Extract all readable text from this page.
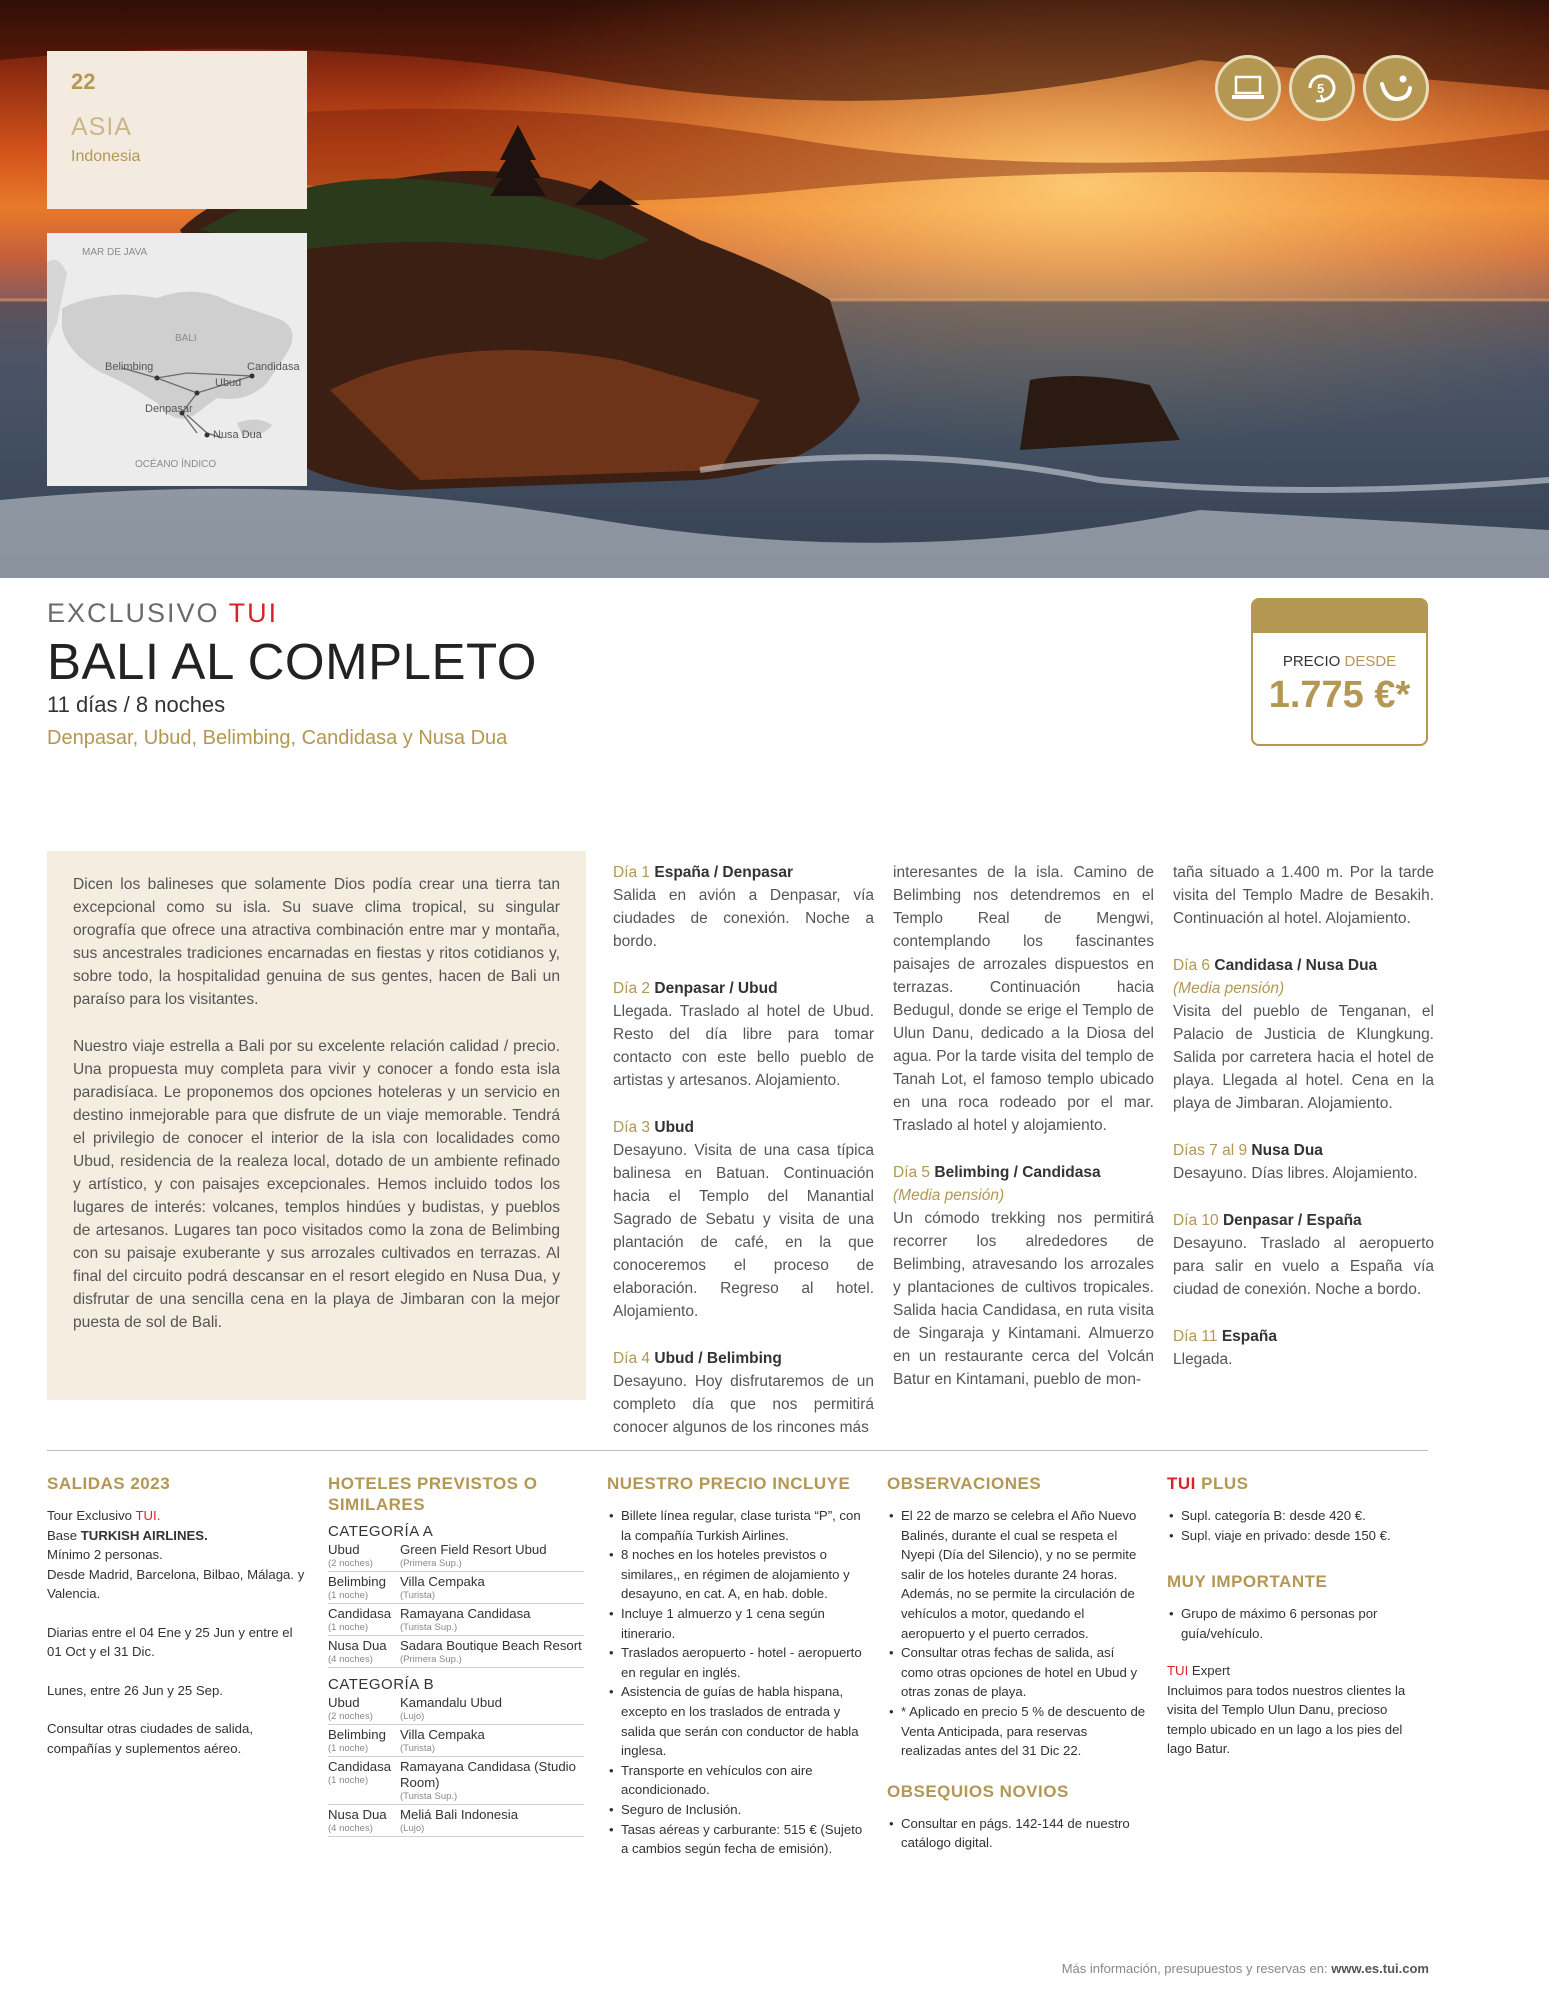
22
ASIA
Indonesia
MAR DE JAVA
BALI
OCÉANO ÍNDICO
Belimbing
Ubud
Candidasa
Denpasar
Nusa Dua
5
EXCLUSIVO TUI
BALI AL COMPLETO
11 días / 8 noches
Denpasar, Ubud, Belimbing, Candidasa y Nusa Dua
PRECIO DESDE
1.775 €*

Dicen los balineses que solamente Dios podía crear una tierra tan excepcional como su isla. Su suave clima tropical, su singular orografía que ofrece una atractiva combinación entre mar y montaña, sus ancestrales tradiciones encarnadas en fiestas y ritos cotidianos y, sobre todo, la hospitalidad genuina de sus gentes, hacen de Bali un paraíso para los visitantes.

Nuestro viaje estrella a Bali por su excelente relación calidad / precio. Una propuesta muy completa para vivir y conocer a fondo esta isla paradisíaca. Le proponemos dos opciones hoteleras y un servicio en destino inmejorable para que disfrute de un viaje memorable. Tendrá el privilegio de conocer el interior de la isla con localidades como Ubud, residencia de la realeza local, dotado de un ambiente refinado y artístico, y con paisajes excepcionales. Hemos incluido todos los lugares de interés: volcanes, templos hindúes y budistas, y pueblos de artesanos. Lugares tan poco visitados como la zona de Belimbing con su paisaje exuberante y sus arrozales cultivados en terrazas. Al final del circuito podrá descansar en el resort elegido en Nusa Dua, y disfrutar de una sencilla cena en la playa de Jimbaran con la mejor puesta de sol de Bali.

Día 1 España / Denpasar
Salida en avión a Denpasar, vía ciudades de conexión. Noche a bordo.
Día 2 Denpasar / Ubud
Llegada. Traslado al hotel de Ubud. Resto del día libre para tomar contacto con este bello pueblo de artistas y artesanos. Alojamiento.
Día 3 Ubud
Desayuno. Visita de una casa típica balinesa en Batuan. Continuación hacia el Templo del Manantial Sagrado de Sebatu y visita de una plantación de café, en la que conoceremos el proceso de elaboración. Regreso al hotel. Alojamiento.
Día 4 Ubud / Belimbing
Desayuno. Hoy disfrutaremos de un completo día que nos permitirá conocer algunos de los rincones más
interesantes de la isla. Camino de Belimbing nos detendremos en el Templo Real de Mengwi, contemplando los fascinantes paisajes de arrozales dispuestos en terrazas. Continuación hacia Bedugul, donde se erige el Templo de Ulun Danu, dedicado a la Diosa del agua. Por la tarde visita del templo de Tanah Lot, el famoso templo ubicado en una roca rodeado por el mar. Traslado al hotel y alojamiento.
Día 5 Belimbing / Candidasa
(Media pensión)
Un cómodo trekking nos permitirá recorrer los alrededores de Belimbing, atravesando los arrozales y plantaciones de cultivos tropicales. Salida hacia Candidasa, en ruta visita de Singaraja y Kintamani. Almuerzo en un restaurante cerca del Volcán Batur en Kintamani, pueblo de mon-
taña situado a 1.400 m. Por la tarde visita del Templo Madre de Besakih. Continuación al hotel. Alojamiento.
Día 6 Candidasa / Nusa Dua
(Media pensión)
Visita del pueblo de Tenganan, el Palacio de Justicia de Klungkung. Salida por carretera hacia el hotel de playa. Llegada al hotel. Cena en la playa de Jimbaran. Alojamiento.
Días 7 al 9 Nusa Dua
Desayuno. Días libres. Alojamiento.
Día 10 Denpasar / España
Desayuno. Traslado al aeropuerto para salir en vuelo a España vía ciudad de conexión. Noche a bordo.
Día 11 España
Llegada.
SALIDAS 2023
Tour Exclusivo TUI.
Base TURKISH AIRLINES.
Mínimo 2 personas.
Desde Madrid, Barcelona, Bilbao, Málaga. y Valencia.
Diarias entre el 04 Ene y 25 Jun y entre el 01 Oct y el 31 Dic.
Lunes, entre 26 Jun y 25 Sep.
Consultar otras ciudades de salida, compañías y suplementos aéreo.
HOTELES PREVISTOS O SIMILARES
CATEGORÍA A
Ubud
(2 noches)
Green Field Resort Ubud
(Primera Sup.)
Belimbing
(1 noche)
Villa Cempaka
(Turista)
Candidasa
(1 noche)
Ramayana Candidasa
(Turista Sup.)
Nusa Dua
(4 noches)
Sadara Boutique Beach Resort
(Primera Sup.)
CATEGORÍA B
Ubud
(2 noches)
Kamandalu Ubud
(Lujo)
Belimbing
(1 noche)
Villa Cempaka
(Turista)
Candidasa
(1 noche)
Ramayana Candidasa (Studio Room)
(Turista Sup.)
Nusa Dua
(4 noches)
Meliá Bali Indonesia
(Lujo)
NUESTRO PRECIO INCLUYE
• Billete línea regular, clase turista “P”, con la compañía Turkish Airlines.
• 8 noches en los hoteles previstos o similares,, en régimen de alojamiento y desayuno, en cat. A, en hab. doble.
• Incluye 1 almuerzo y 1 cena según itinerario.
• Traslados aeropuerto - hotel - aeropuerto en regular en inglés.
• Asistencia de guías de habla hispana, excepto en los traslados de entrada y salida que serán con conductor de habla inglesa.
• Transporte en vehículos con aire acondicionado.
• Seguro de Inclusión.
• Tasas aéreas y carburante: 515 € (Sujeto a cambios según fecha de emisión).
OBSERVACIONES
• El 22 de marzo se celebra el Año Nuevo Balinés, durante el cual se respeta el Nyepi (Día del Silencio), y no se permite salir de los hoteles durante 24 horas. Además, no se permite la circulación de vehículos a motor, quedando el aeropuerto y el puerto cerrados.
• Consultar otras fechas de salida, así como otras opciones de hotel en Ubud y otras zonas de playa.
• * Aplicado en precio 5 % de descuento de Venta Anticipada, para reservas realizadas antes del 31 Dic 22.
OBSEQUIOS NOVIOS
• Consultar en págs. 142-144 de nuestro catálogo digital.
TUI PLUS
• Supl. categoría B: desde 420 €.
• Supl. viaje en privado: desde 150 €.
MUY IMPORTANTE
• Grupo de máximo 6 personas por guía/vehículo.
TUI Expert
Incluimos para todos nuestros clientes la visita del Templo Ulun Danu, precioso templo ubicado en un lago a los pies del lago Batur.
Más información, presupuestos y reservas en: www.es.tui.com
